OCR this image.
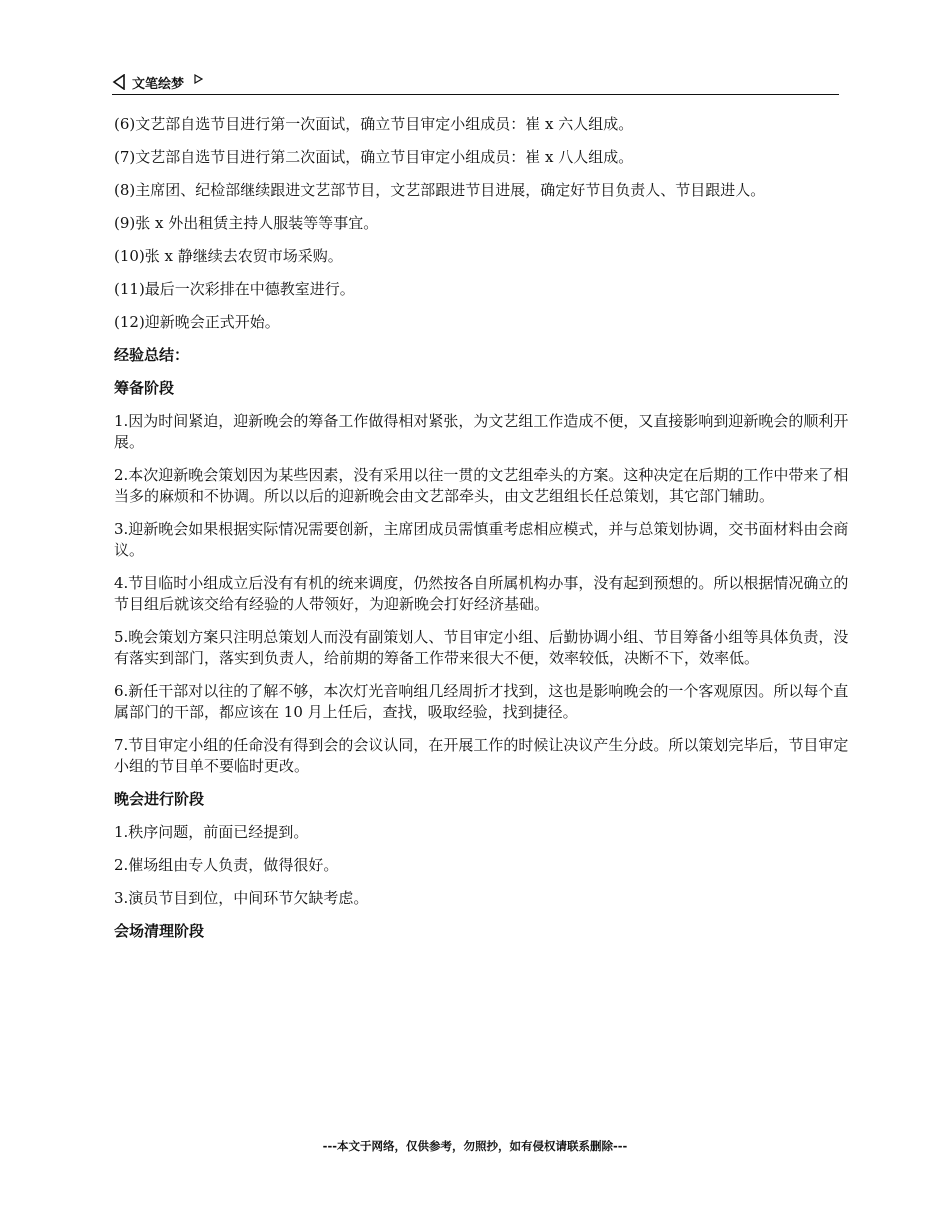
文笔绘梦
(6)文艺部自选节目进行第一次面试，确立节目审定小组成员：崔 x 六人组成。
(7)文艺部自选节目进行第二次面试，确立节目审定小组成员：崔 x 八人组成。
(8)主席团、纪检部继续跟进文艺部节目，文艺部跟进节目进展，确定好节目负责人、节目跟进人。
(9)张 x 外出租赁主持人服装等等事宜。
(10)张 x 静继续去农贸市场采购。
(11)最后一次彩排在中德教室进行。
(12)迎新晚会正式开始。
经验总结：
筹备阶段
1.因为时间紧迫，迎新晚会的筹备工作做得相对紧张，为文艺组工作造成不便，又直接影响到迎新晚会的顺利开展。
2.本次迎新晚会策划因为某些因素，没有采用以往一贯的文艺组牵头的方案。这种决定在后期的工作中带来了相当多的麻烦和不协调。所以以后的迎新晚会由文艺部牵头，由文艺组组长任总策划，其它部门辅助。
3.迎新晚会如果根据实际情况需要创新，主席团成员需慎重考虑相应模式，并与总策划协调，交书面材料由会商议。
4.节目临时小组成立后没有有机的统来调度，仍然按各自所属机构办事，没有起到预想的。所以根据情况确立的节目组后就该交给有经验的人带领好，为迎新晚会打好经济基础。
5.晚会策划方案只注明总策划人而没有副策划人、节目审定小组、后勤协调小组、节目筹备小组等具体负责，没有落实到部门，落实到负责人，给前期的筹备工作带来很大不便，效率较低，决断不下，效率低。
6.新任干部对以往的了解不够，本次灯光音响组几经周折才找到，这也是影响晚会的一个客观原因。所以每个直属部门的干部，都应该在 10 月上任后，查找，吸取经验，找到捷径。
7.节目审定小组的任命没有得到会的会议认同，在开展工作的时候让决议产生分歧。所以策划完毕后，节目审定小组的节目单不要临时更改。
晚会进行阶段
1.秩序问题，前面已经提到。
2.催场组由专人负责，做得很好。
3.演员节目到位，中间环节欠缺考虑。
会场清理阶段
---本文于网络，仅供参考，勿照抄，如有侵权请联系删除---
